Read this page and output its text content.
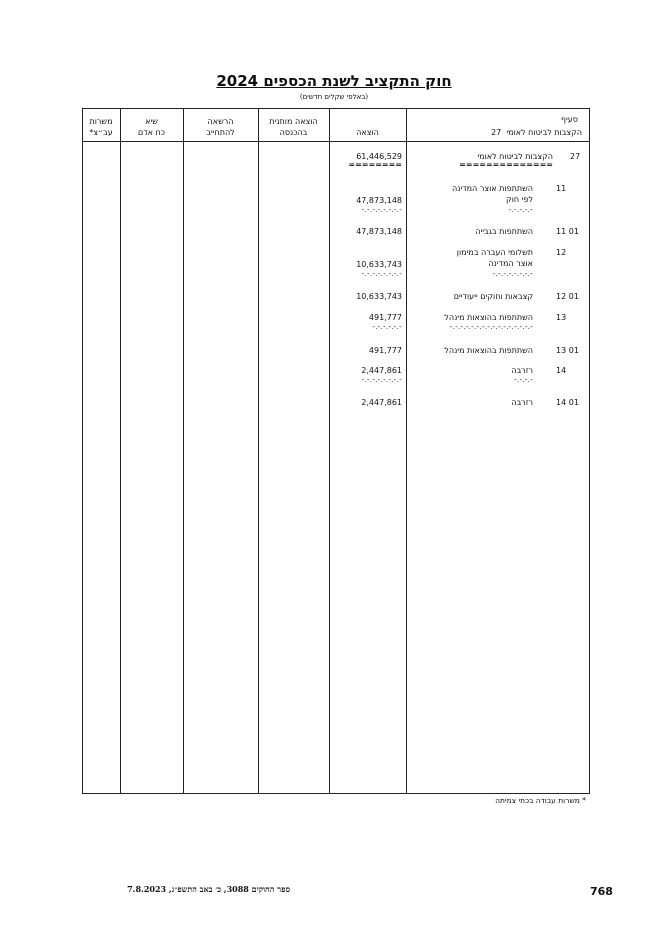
חוק התקציב לשנת הכספים 2024
(באלפי שקלים חדשים)
משרות
עב״צ*
שיא
כח אדם
הרשאה
להתחייב
הוצאה מותנית
בהכנסה	הוצאה
סעיף
הקצבות לביטוח לאומי  27
27
הקצבות לביטוח לאומי
==============
61,446,529
========
11
השתתפות אוצר המדינה
לפי חוק
-.-.-.-.-
47,873,148
-.-.-.-.-.-.-.-
11 01
השתתפות בגבייה
47,873,148
12
תשלומי העברה במימון
אוצר המדינה
-.-.-.-.-.-.-.-
10,633,743
-.-.-.-.-.-.-.-
12 01
קצבאות וחוקים ייעודיים
10,633,743
13
השתתפות בהוצאות מינהל
-.-.-.-.-.-.-.-.-.-.-.-.-.-.-.-
491,777
-.-.-.-.-.-
13 01
השתתפות בהוצאות מינהל
491,777
14
רזרבה
-.-.-.-
2,447,861
-.-.-.-.-.-.-.-
14 01
רזרבה
2,447,861
* משרות עבודה בכתי צמיתה
768
ספר החוקים 3088, כ׳ באב התשפ״ג, 7.8.2023
